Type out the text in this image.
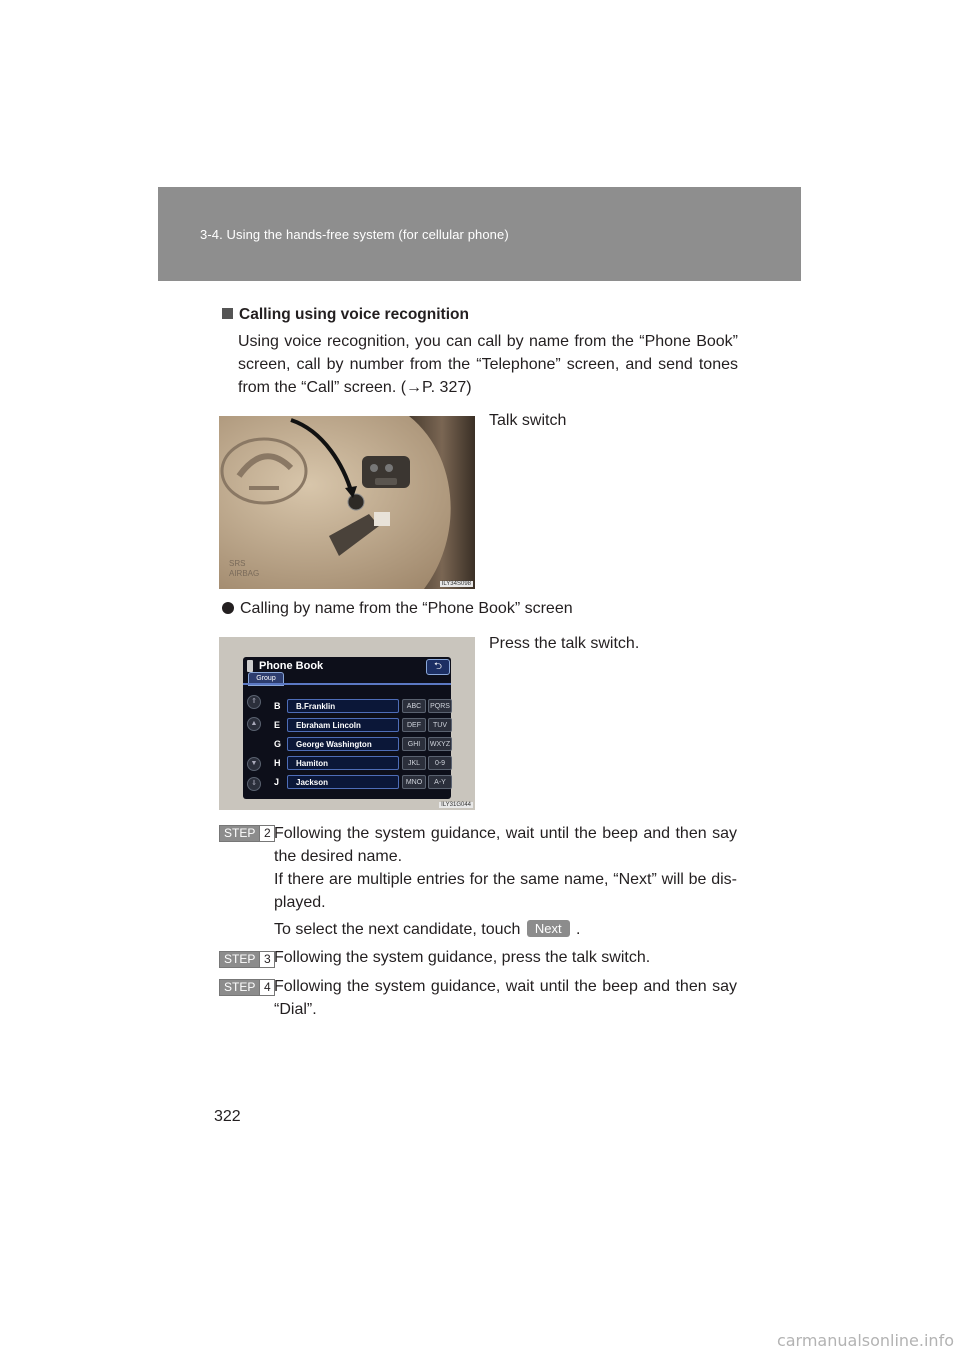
3-4. Using the hands-free system (for cellular phone)
Calling using voice recognition
Using voice recognition, you can call by name from the “Phone Book”
screen, call by number from the “Telephone” screen, and send tones
from the “Call” screen. (→P. 327)
SRS
AIRBAG
ILY34S098
Talk switch
Calling by name from the “Phone Book” screen
Press the talk switch.
Phone Book	⮌
Group
⇑
▲
▼
⇓
B	B.Franklin	ABC	PQRS
E	Ebraham Lincoln	DEF	TUV
G	George Washington	GHI	WXYZ
H	Hamiton	JKL	0-9
J	Jackson	MNO	A-Y
ILY31G044
STEP 2 Following the system guidance, wait until the beep and then say
the desired name.
If there are multiple entries for the same name, “Next” will be dis-
played.
To select the next candidate, touch Next .
STEP 3 Following the system guidance, press the talk switch.
STEP 4 Following the system guidance, wait until the beep and then say
“Dial”.
322
carmanualsonline.info
